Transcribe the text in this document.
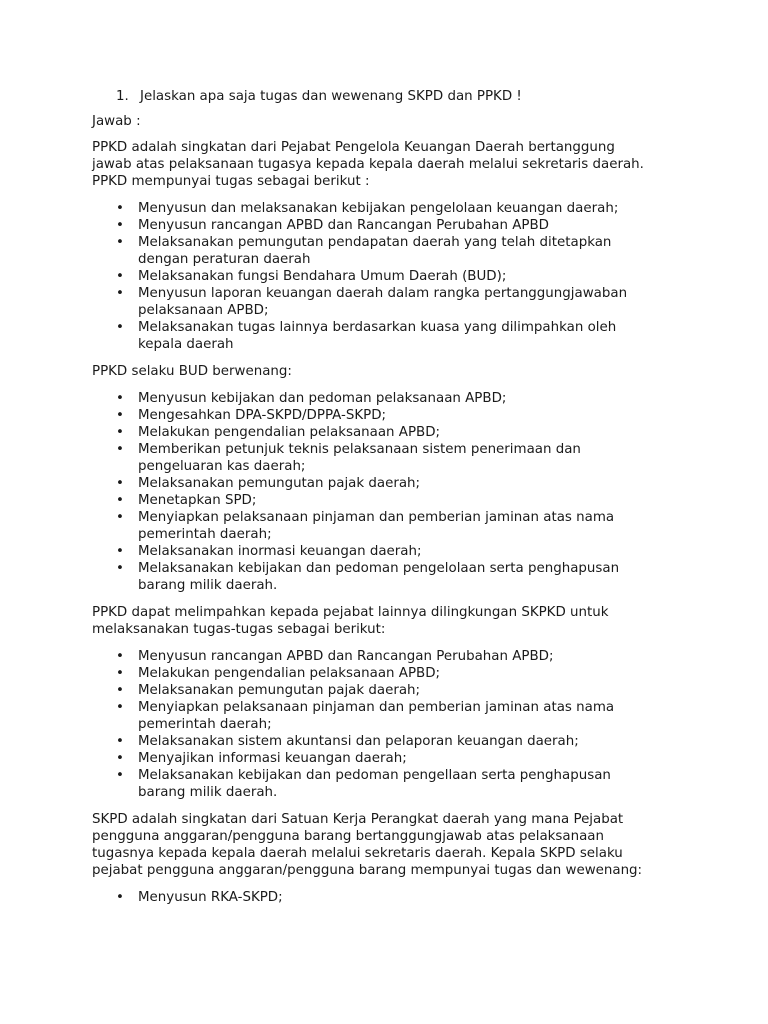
1. Jelaskan apa saja tugas dan wewenang SKPD dan PPKD !

Jawab :

PPKD adalah singkatan dari Pejabat Pengelola Keuangan Daerah bertanggung jawab atas pelaksanaan tugasya kepada kepala daerah melalui sekretaris daerah. PPKD mempunyai tugas sebagai berikut :

• Menyusun dan melaksanakan kebijakan pengelolaan keuangan daerah;
• Menyusun rancangan APBD dan Rancangan Perubahan APBD
• Melaksanakan pemungutan pendapatan daerah yang telah ditetapkan dengan peraturan daerah
• Melaksanakan fungsi Bendahara Umum Daerah (BUD);
• Menyusun laporan keuangan daerah dalam rangka pertanggungjawaban pelaksanaan APBD;
• Melaksanakan tugas lainnya berdasarkan kuasa yang dilimpahkan oleh kepala daerah

PPKD selaku BUD berwenang:

• Menyusun kebijakan dan pedoman pelaksanaan APBD;
• Mengesahkan DPA-SKPD/DPPA-SKPD;
• Melakukan pengendalian pelaksanaan APBD;
• Memberikan petunjuk teknis pelaksanaan sistem penerimaan dan pengeluaran kas daerah;
• Melaksanakan pemungutan pajak daerah;
• Menetapkan SPD;
• Menyiapkan pelaksanaan pinjaman dan pemberian jaminan atas nama pemerintah daerah;
• Melaksanakan inormasi keuangan daerah;
• Melaksanakan kebijakan dan pedoman pengelolaan serta penghapusan barang milik daerah.

PPKD dapat melimpahkan kepada pejabat lainnya dilingkungan SKPKD untuk melaksanakan tugas-tugas sebagai berikut:

• Menyusun rancangan APBD dan Rancangan Perubahan APBD;
• Melakukan pengendalian pelaksanaan APBD;
• Melaksanakan pemungutan pajak daerah;
• Menyiapkan pelaksanaan pinjaman dan pemberian jaminan atas nama pemerintah daerah;
• Melaksanakan sistem akuntansi dan pelaporan keuangan daerah;
• Menyajikan informasi keuangan daerah;
• Melaksanakan kebijakan dan pedoman pengellaan serta penghapusan barang milik daerah.

SKPD adalah singkatan dari Satuan Kerja Perangkat daerah yang mana Pejabat pengguna anggaran/pengguna barang bertanggungjawab atas pelaksanaan tugasnya kepada kepala daerah melalui sekretaris daerah. Kepala SKPD selaku pejabat pengguna anggaran/pengguna barang mempunyai tugas dan wewenang:

• Menyusun RKA-SKPD;
